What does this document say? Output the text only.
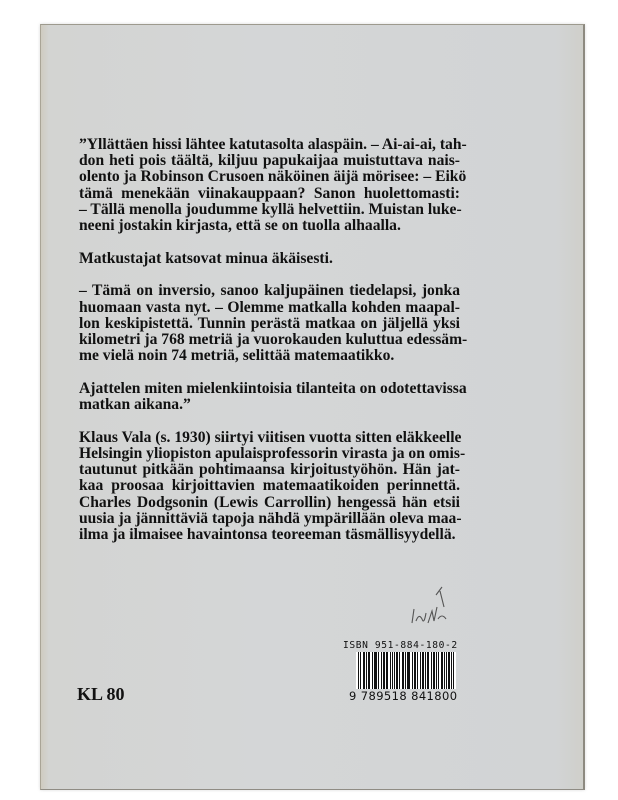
”Yllättäen hissi lähtee katutasolta alaspäin. – Ai-ai-ai, tah-
don heti pois täältä, kiljuu papukaijaa muistuttava nais-
olento ja Robinson Crusoen näköinen äijä mörisee: – Eikö
tämä menekään viinakauppaan? Sanon huolettomasti:
– Tällä menolla joudumme kyllä helvettiin. Muistan luke-
neeni jostakin kirjasta, että se on tuolla alhaalla.
Matkustajat katsovat minua äkäisesti.
– Tämä on inversio, sanoo kaljupäinen tiedelapsi, jonka
huomaan vasta nyt. – Olemme matkalla kohden maapal-
lon keskipistettä. Tunnin perästä matkaa on jäljellä yksi
kilometri ja 768 metriä ja vuorokauden kuluttua edessäm-
me vielä noin 74 metriä, selittää matemaatikko.
Ajattelen miten mielenkiintoisia tilanteita on odotettavissa
matkan aikana.”
Klaus Vala (s. 1930) siirtyi viitisen vuotta sitten eläkkeelle
Helsingin yliopiston apulaisprofessorin virasta ja on omis-
tautunut pitkään pohtimaansa kirjoitustyöhön. Hän jat-
kaa proosaa kirjoittavien matemaatikoiden perinnettä.
Charles Dodgsonin (Lewis Carrollin) hengessä hän etsii
uusia ja jännittäviä tapoja nähdä ympärillään oleva maa-
ilma ja ilmaisee havaintonsa teoreeman täsmällisyydellä.
ISBN 951-884-180-2
9 789518 841800
KL 80
